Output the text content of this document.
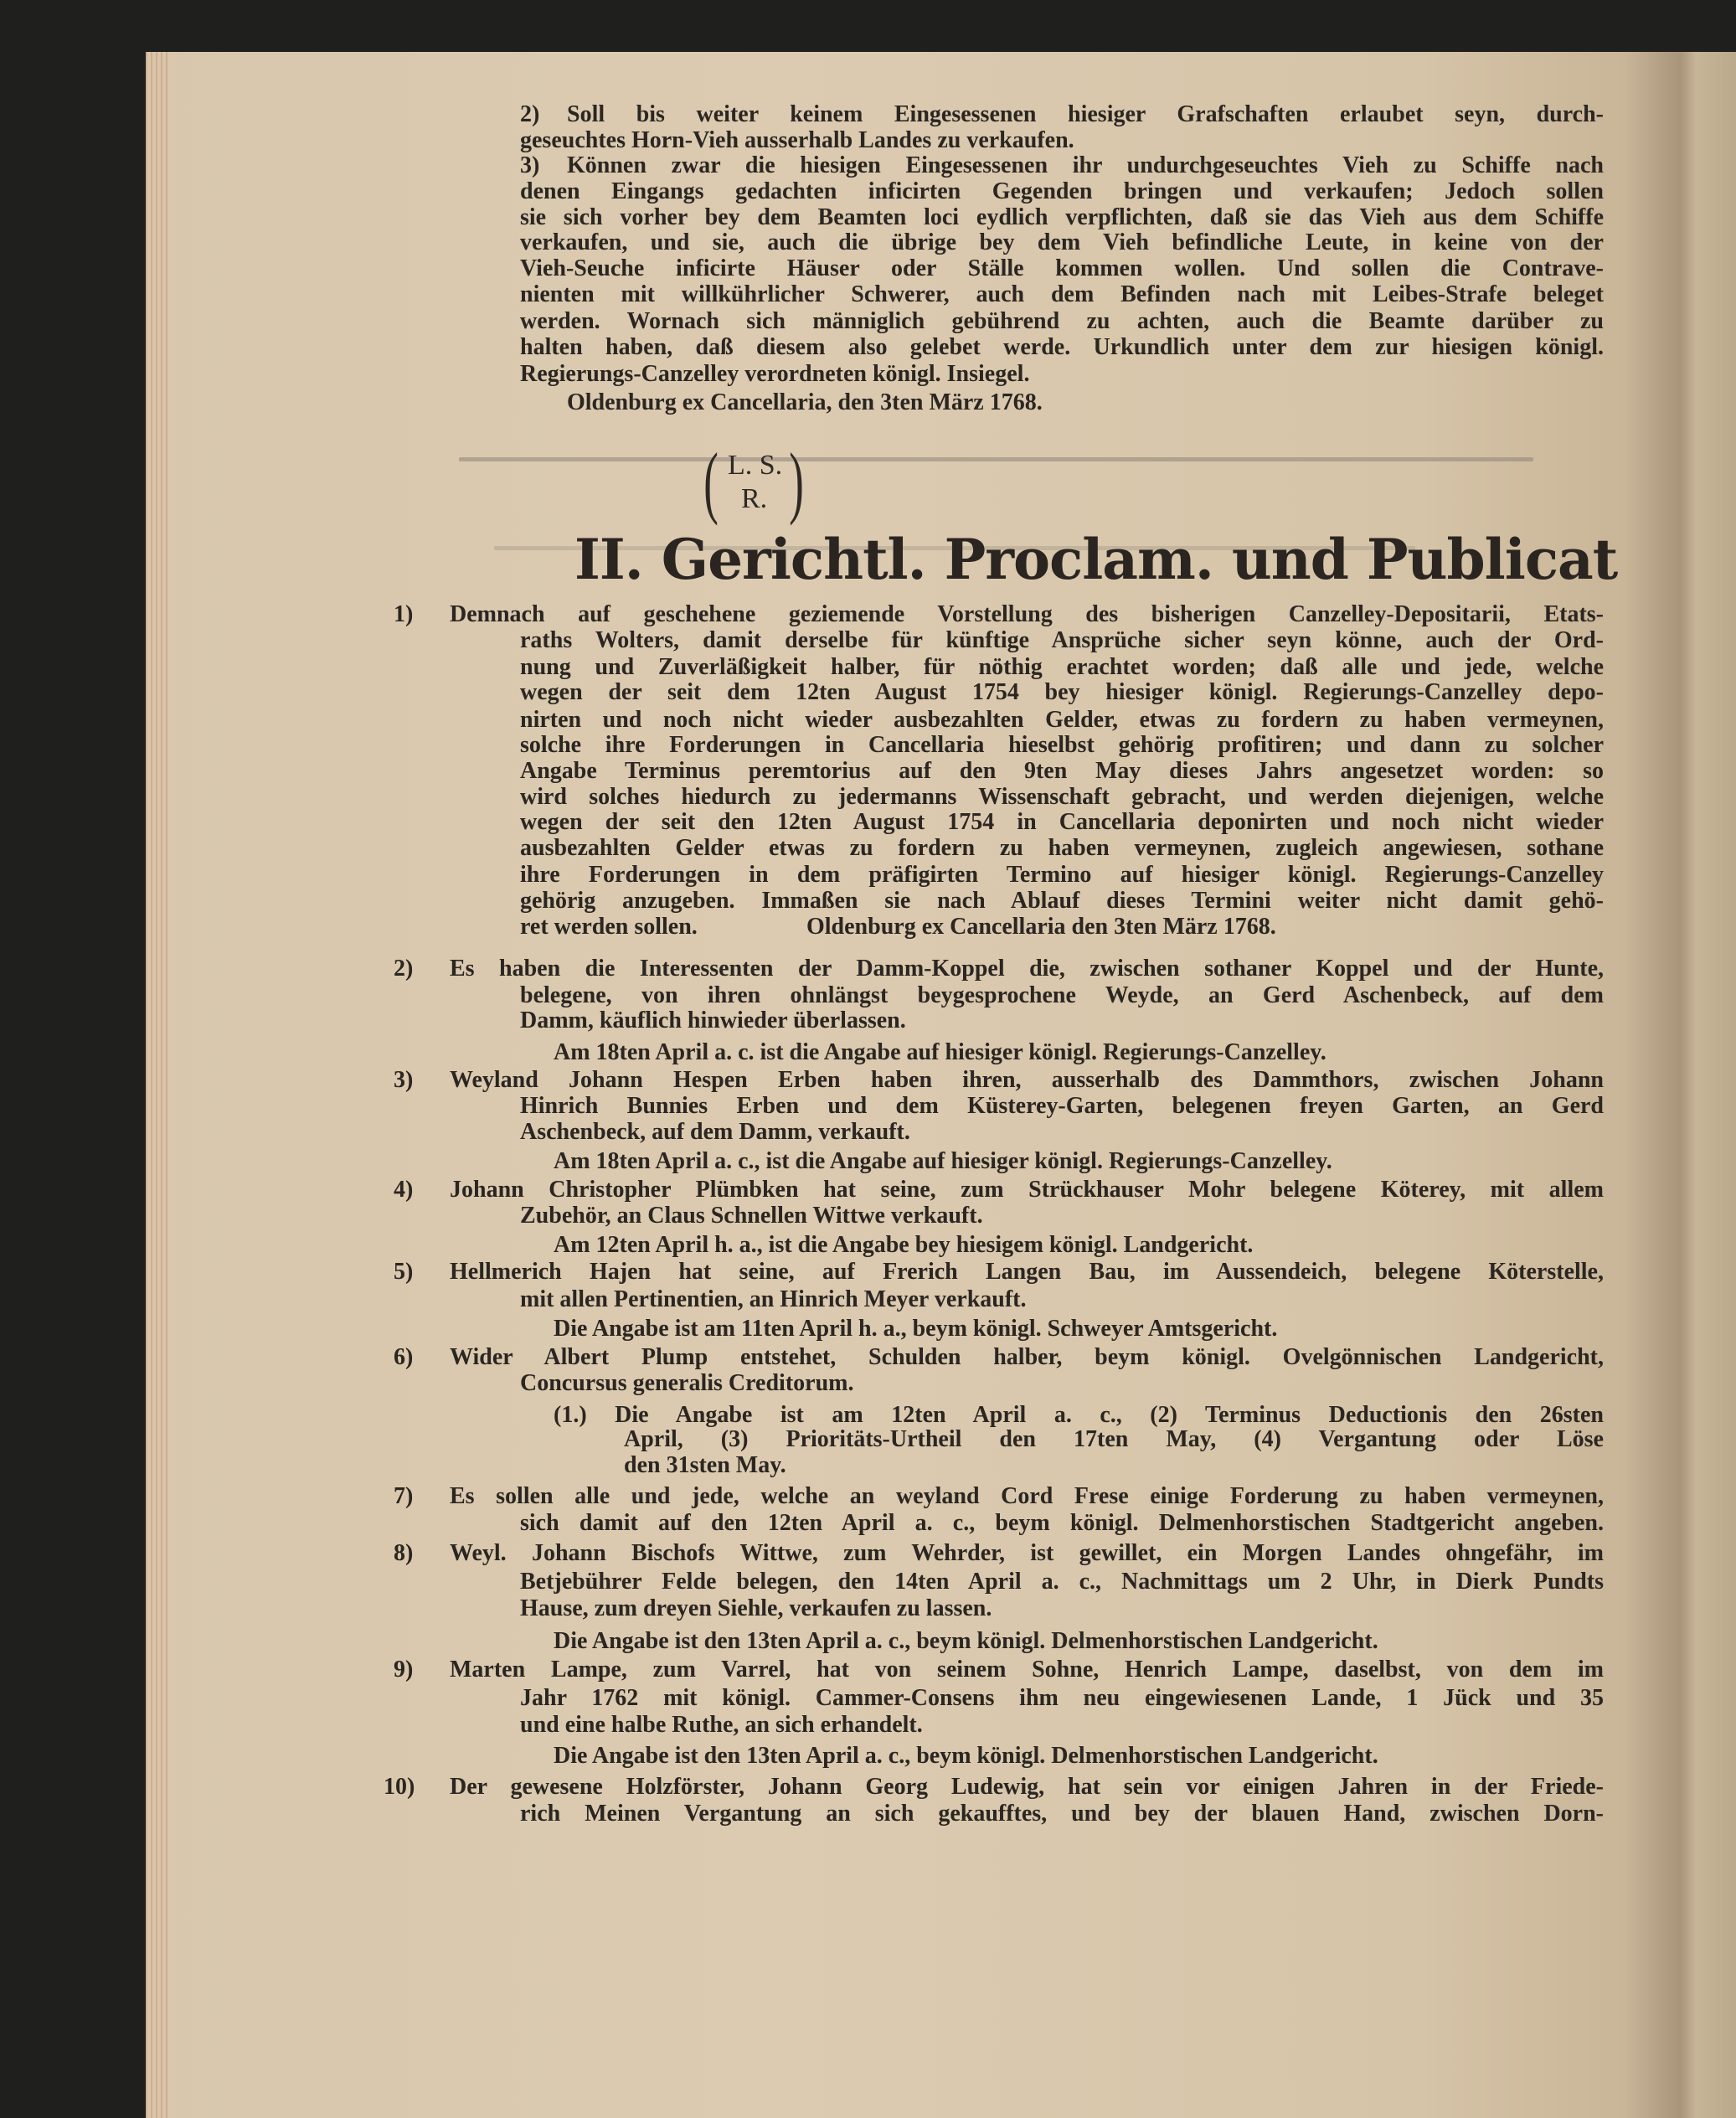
( L. S.
R. )
II. Gerichtl. Proclam. und Publicat
2) Soll bis weiter keinem Eingesessenen hiesiger Grafschaften erlaubet seyn, durch-
geseuchtes Horn-Vieh ausserhalb Landes zu verkaufen.
3) Können zwar die hiesigen Eingesessenen ihr undurchgeseuchtes Vieh zu Schiffe nach
denen Eingangs gedachten inficirten Gegenden bringen und verkaufen; Jedoch sollen
sie sich vorher bey dem Beamten loci eydlich verpflichten, daß sie das Vieh aus dem Schiffe
verkaufen, und sie, auch die übrige bey dem Vieh befindliche Leute, in keine von der
Vieh-Seuche inficirte Häuser oder Ställe kommen wollen. Und sollen die Contrave-
nienten mit willkührlicher Schwerer, auch dem Befinden nach mit Leibes-Strafe beleget
werden. Wornach sich männiglich gebührend zu achten, auch die Beamte darüber zu
halten haben, daß diesem also gelebet werde. Urkundlich unter dem zur hiesigen königl.
Regierungs-Canzelley verordneten königl. Insiegel.
Oldenburg ex Cancellaria, den 3ten März 1768.
1) Demnach auf geschehene geziemende Vorstellung des bisherigen Canzelley-Depositarii, Etats-
raths Wolters, damit derselbe für künftige Ansprüche sicher seyn könne, auch der Ord-
nung und Zuverläßigkeit halber, für nöthig erachtet worden; daß alle und jede, welche
wegen der seit dem 12ten August 1754 bey hiesiger königl. Regierungs-Canzelley depo-
nirten und noch nicht wieder ausbezahlten Gelder, etwas zu fordern zu haben vermeynen,
solche ihre Forderungen in Cancellaria hieselbst gehörig profitiren; und dann zu solcher
Angabe Terminus peremtorius auf den 9ten May dieses Jahrs angesetzet worden: so
wird solches hiedurch zu jedermanns Wissenschaft gebracht, und werden diejenigen, welche
wegen der seit den 12ten August 1754 in Cancellaria deponirten und noch nicht wieder
ausbezahlten Gelder etwas zu fordern zu haben vermeynen, zugleich angewiesen, sothane
ihre Forderungen in dem präfigirten Termino auf hiesiger königl. Regierungs-Canzelley
gehörig anzugeben. Immaßen sie nach Ablauf dieses Termini weiter nicht damit gehö-
ret werden sollen.	Oldenburg ex Cancellaria den 3ten März 1768.
2) Es haben die Interessenten der Damm-Koppel die, zwischen sothaner Koppel und der Hunte,
belegene, von ihren ohnlängst beygesprochene Weyde, an Gerd Aschenbeck, auf dem
Damm, käuflich hinwieder überlassen.
Am 18ten April a. c. ist die Angabe auf hiesiger königl. Regierungs-Canzelley.
3) Weyland Johann Hespen Erben haben ihren, ausserhalb des Dammthors, zwischen Johann
Hinrich Bunnies Erben und dem Küsterey-Garten, belegenen freyen Garten, an Gerd
Aschenbeck, auf dem Damm, verkauft.
Am 18ten April a. c., ist die Angabe auf hiesiger königl. Regierungs-Canzelley.
4) Johann Christopher Plümbken hat seine, zum Strückhauser Mohr belegene Köterey, mit allem
Zubehör, an Claus Schnellen Wittwe verkauft.
Am 12ten April h. a., ist die Angabe bey hiesigem königl. Landgericht.
5) Hellmerich Hajen hat seine, auf Frerich Langen Bau, im Aussendeich, belegene Köterstelle,
mit allen Pertinentien, an Hinrich Meyer verkauft.
Die Angabe ist am 11ten April h. a., beym königl. Schweyer Amtsgericht.
6) Wider Albert Plump entstehet, Schulden halber, beym königl. Ovelgönnischen Landgericht,
Concursus generalis Creditorum.
(1.) Die Angabe ist am 12ten April a. c., (2) Terminus Deductionis den 26sten
April, (3) Prioritäts-Urtheil den 17ten May, (4) Vergantung oder Löse
den 31sten May.
7) Es sollen alle und jede, welche an weyland Cord Frese einige Forderung zu haben vermeynen,
sich damit auf den 12ten April a. c., beym königl. Delmenhorstischen Stadtgericht angeben.
8) Weyl. Johann Bischofs Wittwe, zum Wehrder, ist gewillet, ein Morgen Landes ohngefähr, im
Betjebührer Felde belegen, den 14ten April a. c., Nachmittags um 2 Uhr, in Dierk Pundts
Hause, zum dreyen Siehle, verkaufen zu lassen.
Die Angabe ist den 13ten April a. c., beym königl. Delmenhorstischen Landgericht.
9) Marten Lampe, zum Varrel, hat von seinem Sohne, Henrich Lampe, daselbst, von dem im
Jahr 1762 mit königl. Cammer-Consens ihm neu eingewiesenen Lande, 1 Jück und 35
und eine halbe Ruthe, an sich erhandelt.
Die Angabe ist den 13ten April a. c., beym königl. Delmenhorstischen Landgericht.
10) Der gewesene Holzförster, Johann Georg Ludewig, hat sein vor einigen Jahren in der Friede-
rich Meinen Vergantung an sich gekaufftes, und bey der blauen Hand, zwischen Dorn-
